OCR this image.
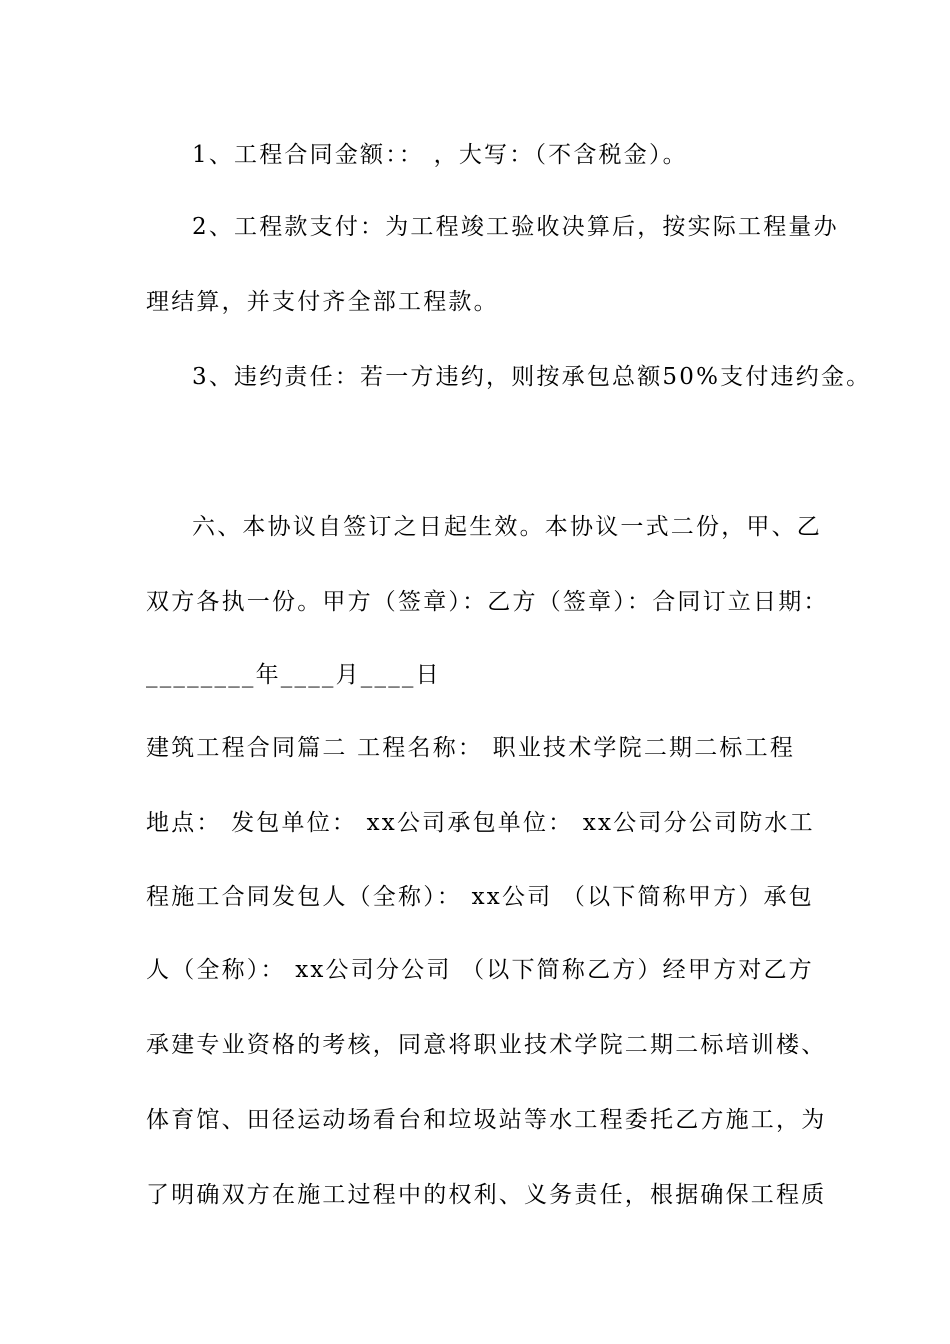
1、工程合同金额：： ，大写：（不含税金）。
2、工程款支付：为工程竣工验收决算后，按实际工程量办
理结算，并支付齐全部工程款。
3、违约责任：若一方违约，则按承包总额50%支付违约金。
六、本协议自签订之日起生效。本协议一式二份，甲、乙
双方各执一份。甲方（签章）：乙方（签章）：合同订立日期：
________年____月____日
建筑工程合同篇二 工程名称： 职业技术学院二期二标工程
地点： 发包单位： xx公司承包单位： xx公司分公司防水工
程施工合同发包人（全称）： xx公司 （以下简称甲方）承包
人（全称）： xx公司分公司 （以下简称乙方）经甲方对乙方
承建专业资格的考核，同意将职业技术学院二期二标培训楼、
体育馆、田径运动场看台和垃圾站等水工程委托乙方施工，为
了明确双方在施工过程中的权利、义务责任，根据确保工程质
